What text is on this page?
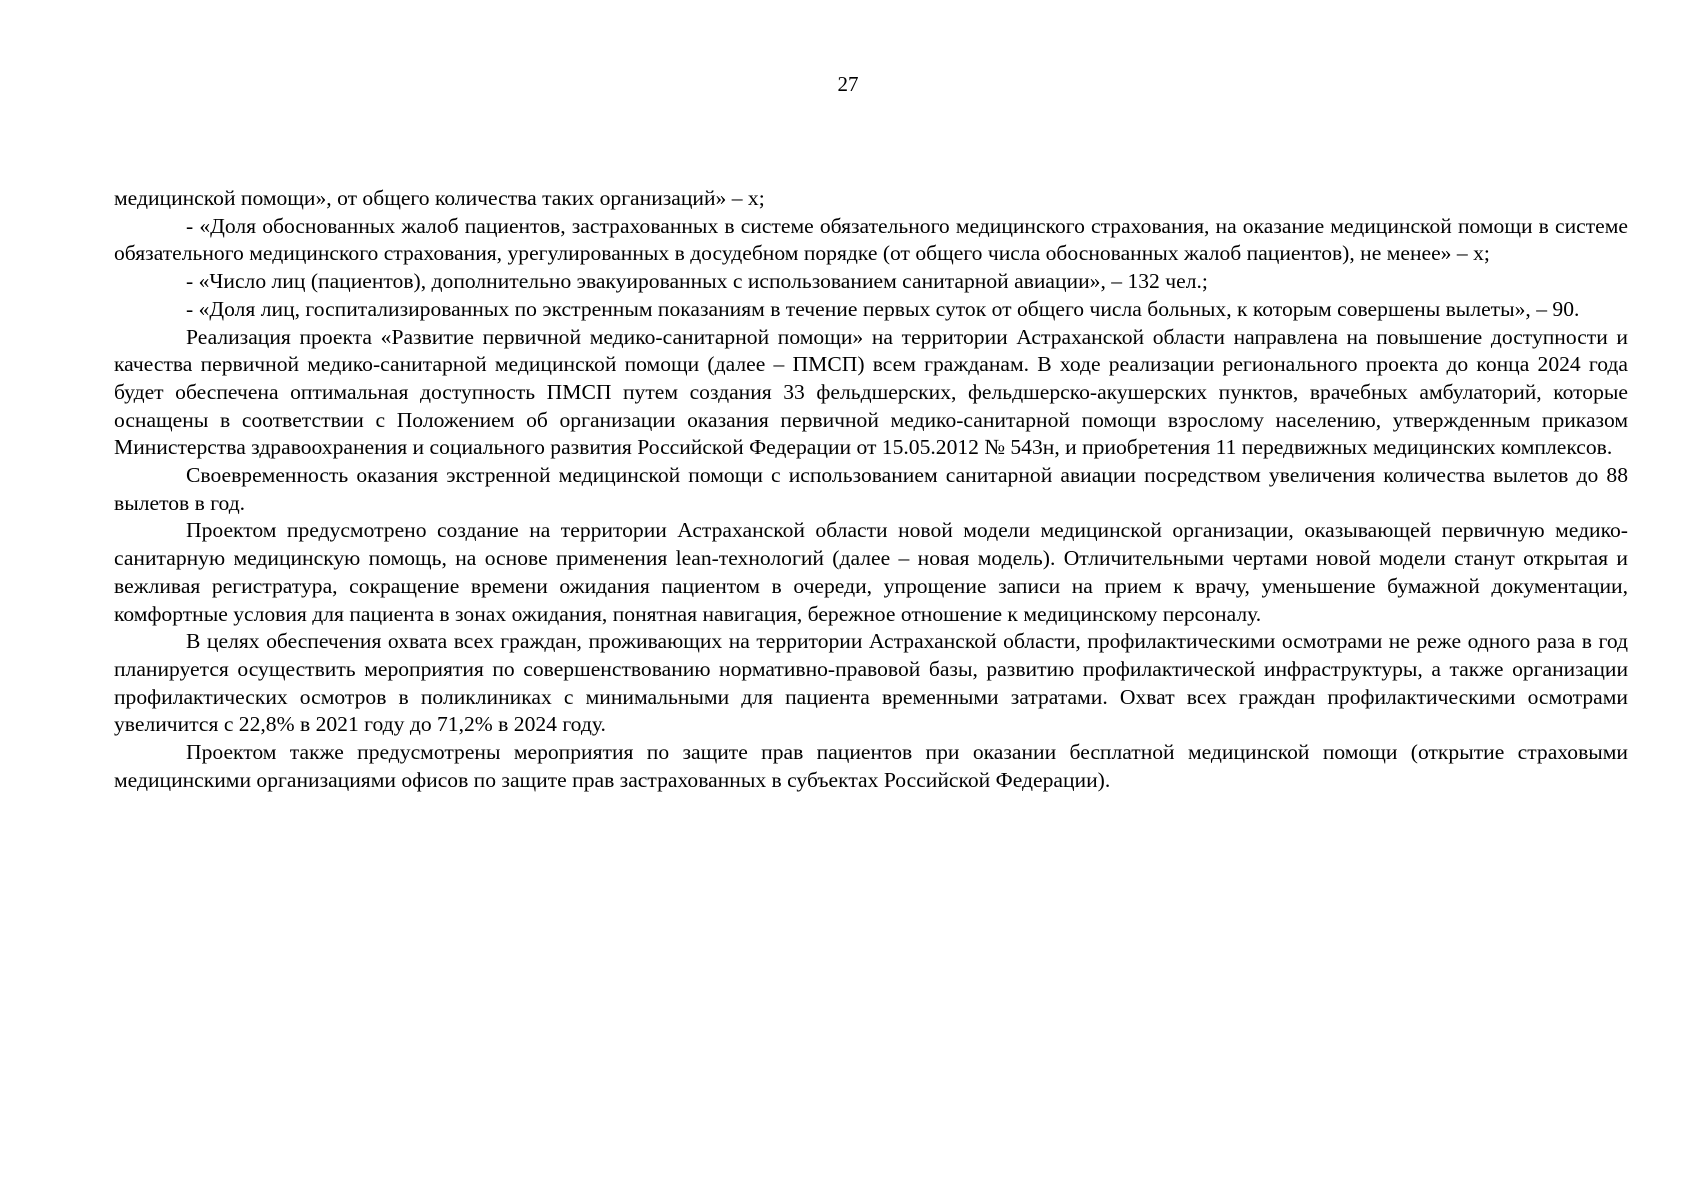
27

медицинской помощи», от общего количества таких организаций» – х;

- «Доля обоснованных жалоб пациентов, застрахованных в системе обязательного медицинского страхования, на оказание медицинской помощи в системе обязательного медицинского страхования, урегулированных в досудебном порядке (от общего числа обоснованных жалоб пациентов), не менее» – х;

- «Число лиц (пациентов), дополнительно эвакуированных с использованием санитарной авиации», – 132 чел.;

- «Доля лиц, госпитализированных по экстренным показаниям в течение первых суток от общего числа больных, к которым совершены вылеты», – 90.

Реализация проекта «Развитие первичной медико-санитарной помощи» на территории Астраханской области направлена на повышение доступности и качества первичной медико-санитарной медицинской помощи (далее – ПМСП) всем гражданам. В ходе реализации регионального проекта до конца 2024 года будет обеспечена оптимальная доступность ПМСП путем создания 33 фельдшерских, фельдшерско-акушерских пунктов, врачебных амбулаторий, которые оснащены в соответствии с Положением об организации оказания первичной медико-санитарной помощи взрослому населению, утвержденным приказом Министерства здравоохранения и социального развития Российской Федерации от 15.05.2012 № 543н, и приобретения 11 передвижных медицинских комплексов.

Своевременность оказания экстренной медицинской помощи с использованием санитарной авиации посредством увеличения количества вылетов до 88 вылетов в год.

Проектом предусмотрено создание на территории Астраханской области новой модели медицинской организации, оказывающей первичную медико-санитарную медицинскую помощь, на основе применения lean-технологий (далее – новая модель). Отличительными чертами новой модели станут открытая и вежливая регистратура, сокращение времени ожидания пациентом в очереди, упрощение записи на прием к врачу, уменьшение бумажной документации, комфортные условия для пациента в зонах ожидания, понятная навигация, бережное отношение к медицинскому персоналу.

В целях обеспечения охвата всех граждан, проживающих на территории Астраханской области, профилактическими осмотрами не реже одного раза в год планируется осуществить мероприятия по совершенствованию нормативно-правовой базы, развитию профилактической инфраструктуры, а также организации профилактических осмотров в поликлиниках с минимальными для пациента временными затратами. Охват всех граждан профилактическими осмотрами увеличится с 22,8% в 2021 году до 71,2% в 2024 году.

Проектом также предусмотрены мероприятия по защите прав пациентов при оказании бесплатной медицинской помощи (открытие страховыми медицинскими организациями офисов по защите прав застрахованных в субъектах Российской Федерации).
